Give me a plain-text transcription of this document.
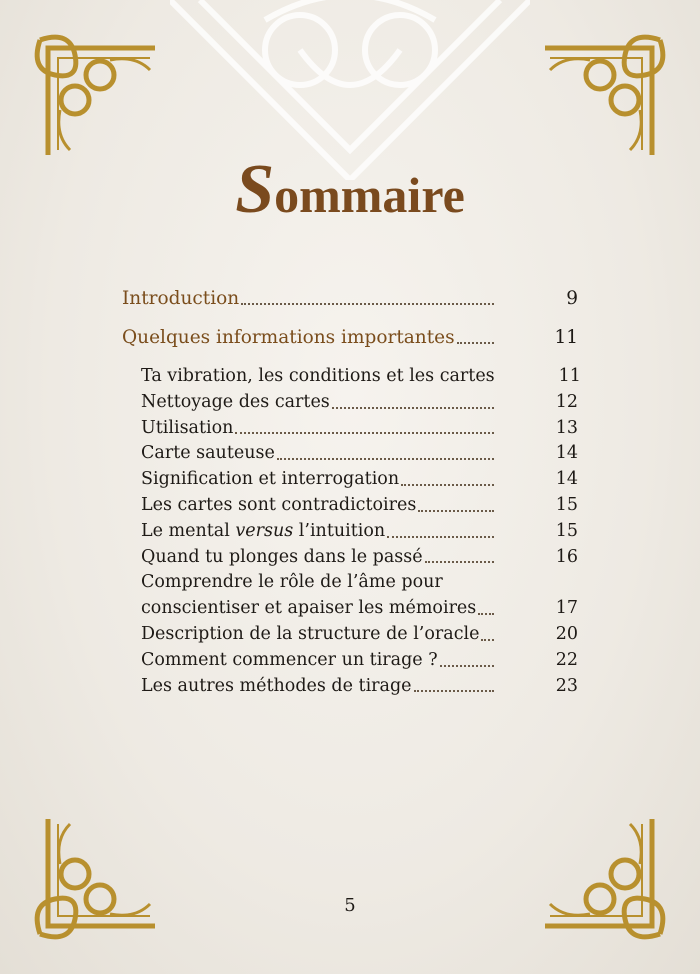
Sommaire
Introduction	9
Quelques informations importantes	11
Ta vibration, les conditions et les cartes	11
Nettoyage des cartes	12
Utilisation	13
Carte sauteuse	14
Signification et interrogation	14
Les cartes sont contradictoires	15
Le mental versus l’intuition	15
Quand tu plonges dans le passé	16
Comprendre le rôle de l’âme pour
conscientiser et apaiser les mémoires	17
Description de la structure de l’oracle	20
Comment commencer un tirage ?	22
Les autres méthodes de tirage	23
5
